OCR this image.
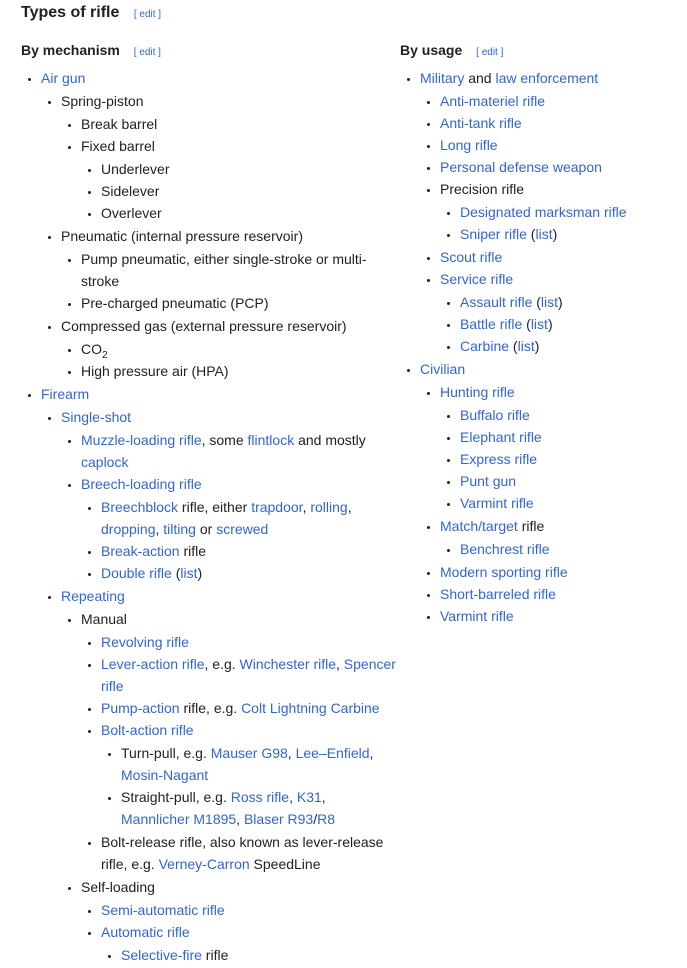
Types of rifle [ edit ]
By mechanism [ edit ]
• Air gun
• Spring-piston
• Break barrel
• Fixed barrel
• Underlever
• Sidelever
• Overlever
• Pneumatic (internal pressure reservoir)
• Pump pneumatic, either single-stroke or multi-stroke
• Pre-charged pneumatic (PCP)
• Compressed gas (external pressure reservoir)
• $CO_2$
• High pressure air (HPA)
• Firearm
• Single-shot
• Muzzle-loading rifle, some flintlock and mostly caplock
• Breech-loading rifle
• Breechblock rifle, either trapdoor, rolling, dropping, tilting or screwed
• Break-action rifle
• Double rifle (list)
• Repeating
• Manual
• Revolving rifle
• Lever-action rifle, e.g. Winchester rifle, Spencer rifle
• Pump-action rifle, e.g. Colt Lightning Carbine
• Bolt-action rifle
• Turn-pull, e.g. Mauser G98, Lee–Enfield, Mosin-Nagant
• Straight-pull, e.g. Ross rifle, K31, Mannlicher M1895, Blaser R93/R8
• Bolt-release rifle, also known as lever-release rifle, e.g. Verney-Carron SpeedLine
• Self-loading
• Semi-automatic rifle
• Automatic rifle
• Selective-fire rifle
By usage [ edit ]
• Military and law enforcement
• Anti-materiel rifle
• Anti-tank rifle
• Long rifle
• Personal defense weapon
• Precision rifle
• Designated marksman rifle
• Sniper rifle (list)
• Scout rifle
• Service rifle
• Assault rifle (list)
• Battle rifle (list)
• Carbine (list)
• Civilian
• Hunting rifle
• Buffalo rifle
• Elephant rifle
• Express rifle
• Punt gun
• Varmint rifle
• Match/target rifle
• Benchrest rifle
• Modern sporting rifle
• Short-barreled rifle
• Varmint rifle
